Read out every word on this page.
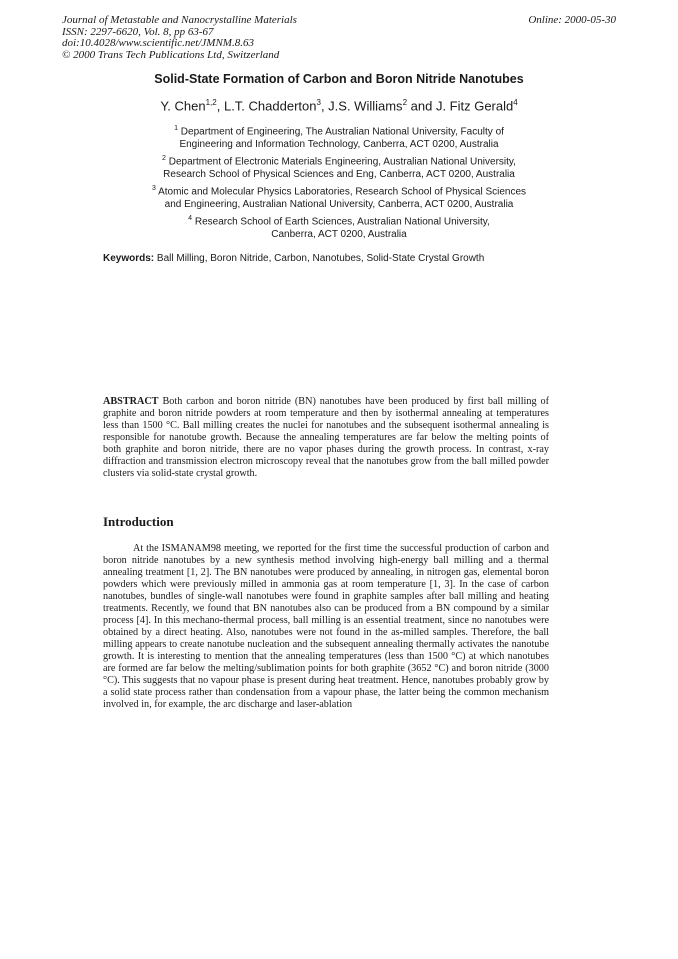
Journal of Metastable and Nanocrystalline Materials
ISSN: 2297-6620, Vol. 8, pp 63-67
doi:10.4028/www.scientific.net/JMNM.8.63
© 2000 Trans Tech Publications Ltd, Switzerland
Online: 2000-05-30
Solid-State Formation of Carbon and Boron Nitride Nanotubes
Y. Chen$^{1,2}$, L.T. Chadderton$^3$, J.S. Williams$^2$ and J. Fitz Gerald$^4$
$^1$ Department of Engineering, The Australian National University, Faculty of
Engineering and Information Technology, Canberra, ACT 0200, Australia
$^2$ Department of Electronic Materials Engineering, Australian National University,
Research School of Physical Sciences and Eng, Canberra, ACT 0200, Australia
$^3$ Atomic and Molecular Physics Laboratories, Research School of Physical Sciences
and Engineering, Australian National University, Canberra, ACT 0200, Australia
$^4$ Research School of Earth Sciences, Australian National University,
Canberra, ACT 0200, Australia
Keywords: Ball Milling, Boron Nitride, Carbon, Nanotubes, Solid-State Crystal Growth
ABSTRACT Both carbon and boron nitride (BN) nanotubes have been produced by first ball milling of graphite and boron nitride powders at room temperature and then by isothermal annealing at temperatures less than 1500 °C. Ball milling creates the nuclei for nanotubes and the subsequent isothermal annealing is responsible for nanotube growth. Because the annealing temperatures are far below the melting points of both graphite and boron nitride, there are no vapor phases during the growth process. In contrast, x-ray diffraction and transmission electron microscopy reveal that the nanotubes grow from the ball milled powder clusters via solid-state crystal growth.
Introduction

At the ISMANAM98 meeting, we reported for the first time the successful production of carbon and boron nitride nanotubes by a new synthesis method involving high-energy ball milling and a thermal annealing treatment [1, 2]. The BN nanotubes were produced by annealing, in nitrogen gas, elemental boron powders which were previously milled in ammonia gas at room temperature [1, 3]. In the case of carbon nanotubes, bundles of single-wall nanotubes were found in graphite samples after ball milling and heating treatments. Recently, we found that BN nanotubes also can be produced from a BN compound by a similar process [4]. In this mechano-thermal process, ball milling is an essential treatment, since no nanotubes were obtained by a direct heating. Also, nanotubes were not found in the as-milled samples. Therefore, the ball milling appears to create nanotube nucleation and the subsequent annealing thermally activates the nanotube growth. It is interesting to mention that the annealing temperatures (less than 1500 °C) at which nanotubes are formed are far below the melting/sublimation points for both graphite (3652 °C) and boron nitride (3000 °C). This suggests that no vapour phase is present during heat treatment. Hence, nanotubes probably grow by a solid state process rather than condensation from a vapour phase, the latter being the common mechanism involved in, for example, the arc discharge and laser-ablation
